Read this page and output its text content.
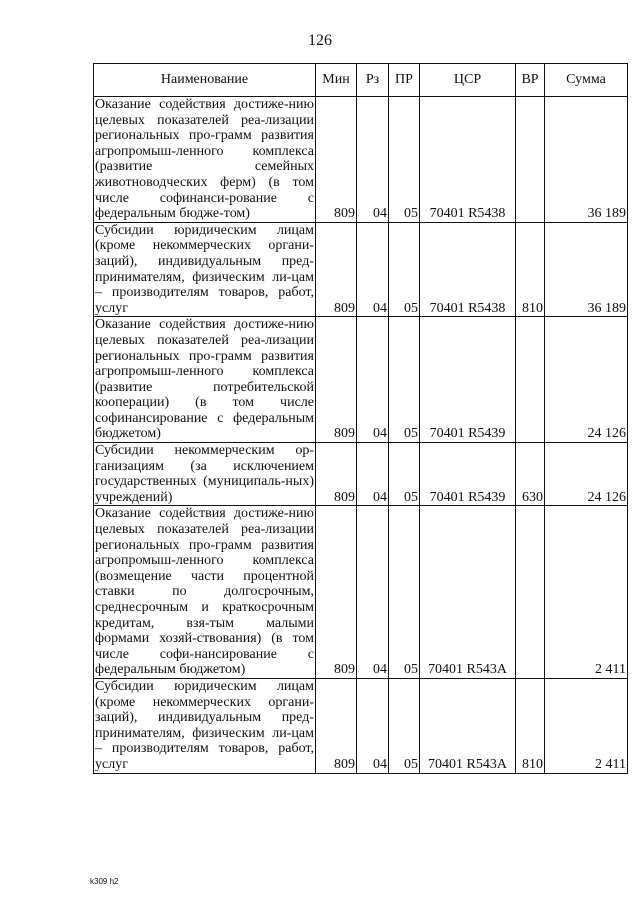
126
Наименование	Мин	Рз	ПР	ЦСР	ВР	Сумма
Оказание содействия достиже-нию целевых показателей реа-лизации региональных про-грамм развития агропромыш-ленного комплекса (развитие семейных животноводческих ферм) (в том числе софинанси-рование с федеральным бюдже-том)	809	04	05	70401 R5438		36 189
Субсидии юридическим лицам (кроме некоммерческих органи-заций), индивидуальным пред-принимателям, физическим ли-цам – производителям товаров, работ, услуг	809	04	05	70401 R5438	810	36 189
Оказание содействия достиже-нию целевых показателей реа-лизации региональных про-грамм развития агропромыш-ленного комплекса (развитие потребительской кооперации) (в том числе софинансирование с федеральным бюджетом)	809	04	05	70401 R5439		24 126
Субсидии некоммерческим ор-ганизациям (за исключением государственных (муниципаль-ных) учреждений)	809	04	05	70401 R5439	630	24 126
Оказание содействия достиже-нию целевых показателей реа-лизации региональных про-грамм развития агропромыш-ленного комплекса (возмещение части процентной ставки по долгосрочным, среднесрочным и краткосрочным кредитам, взя-тым малыми формами хозяй-ствования) (в том числе софи-нансирование с федеральным бюджетом)	809	04	05	70401 R543A		2 411
Субсидии юридическим лицам (кроме некоммерческих органи-заций), индивидуальным пред-принимателям, физическим ли-цам – производителям товаров, работ, услуг	809	04	05	70401 R543A	810	2 411
k309 h2
